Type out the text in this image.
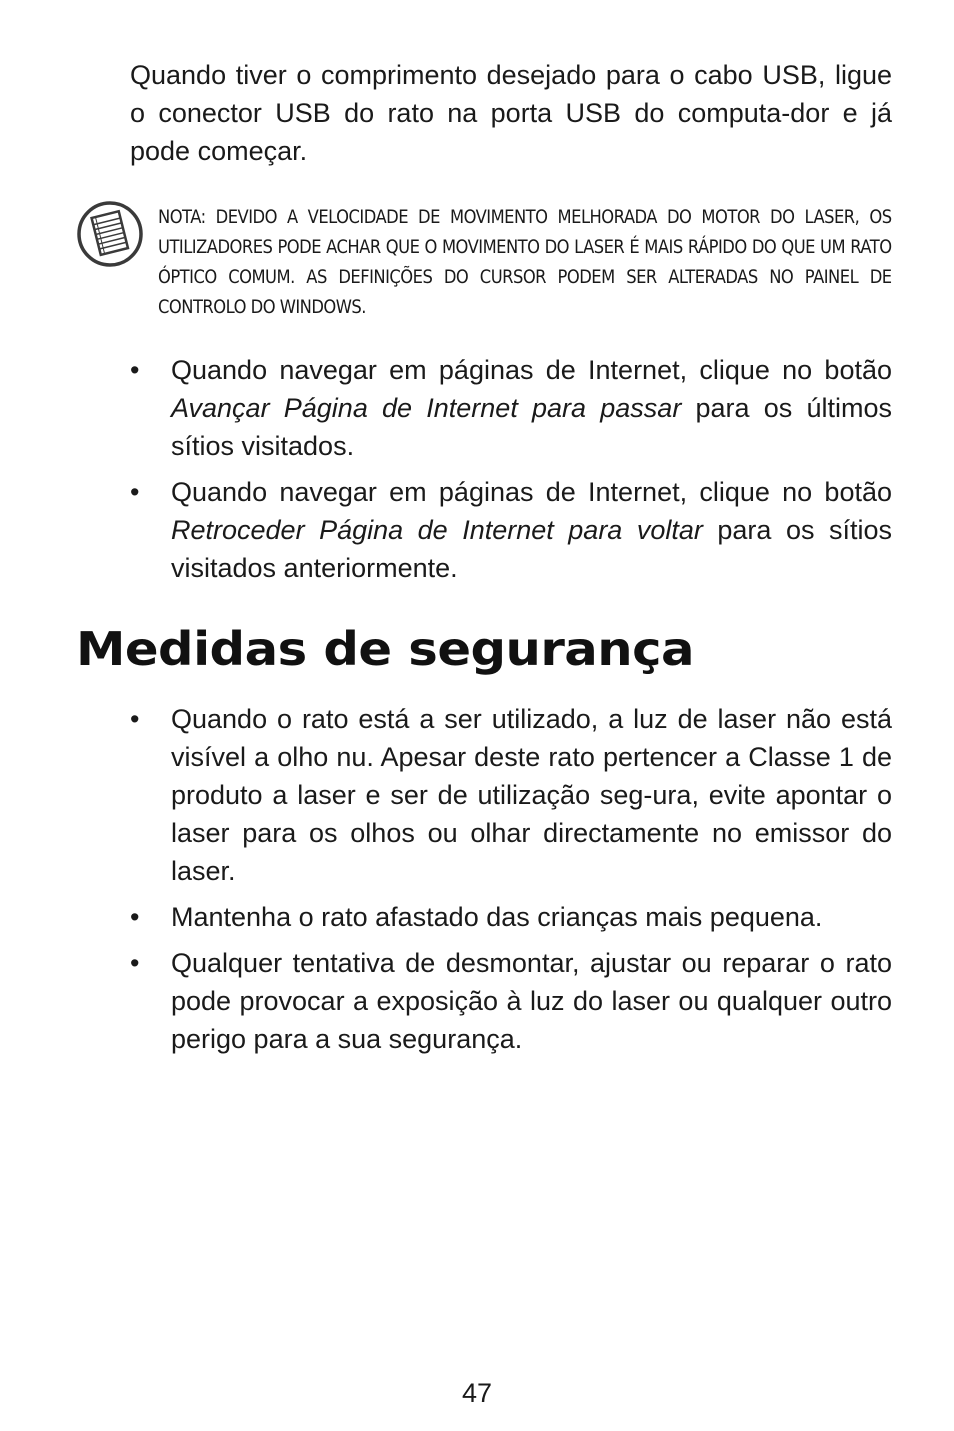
Quando tiver o comprimento desejado para o cabo USB, ligue o conector USB do rato na porta USB do computa-dor e já pode começar.

NOTA: DEVIDO A VELOCIDADE DE MOVIMENTO MELHORADA DO MOTOR DO LASER, OS UTILIZADORES PODE ACHAR QUE O MOVIMENTO DO LASER É MAIS RÁPIDO DO QUE UM RATO ÓPTICO COMUM. AS DEFINIÇÕES DO CURSOR PODEM SER ALTERADAS NO PAINEL DE CONTROLO DO WINDOWS.

• Quando navegar em páginas de Internet, clique no botão Avançar Página de Internet para passar para os últimos sítios visitados.
• Quando navegar em páginas de Internet, clique no botão Retroceder Página de Internet para voltar para os sítios visitados anteriormente.
Medidas de segurança
• Quando o rato está a ser utilizado, a luz de laser não está visível a olho nu. Apesar deste rato pertencer a Classe 1 de produto a laser e ser de utilização seg-ura, evite apontar o laser para os olhos ou olhar directamente no emissor do laser.
• Mantenha o rato afastado das crianças mais pequena.
• Qualquer tentativa de desmontar, ajustar ou reparar o rato pode provocar a exposição à luz do laser ou qualquer outro perigo para a sua segurança.

47
